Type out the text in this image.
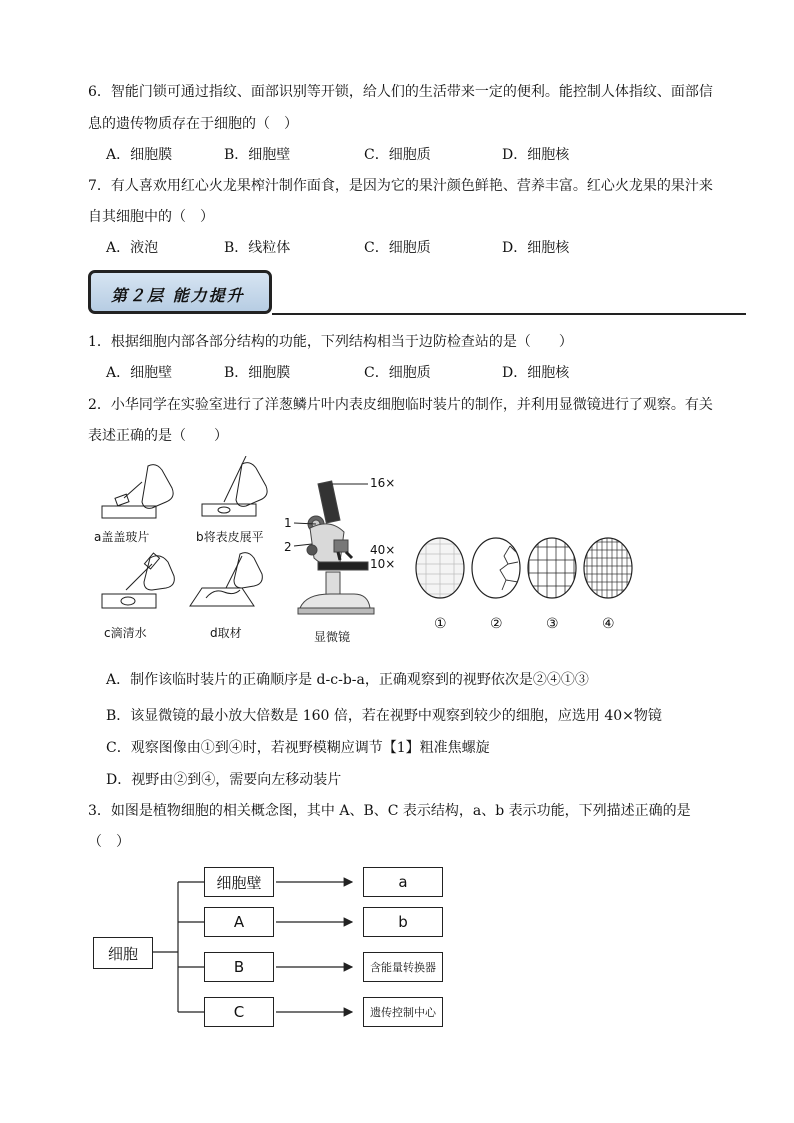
6．智能门锁可通过指纹、面部识别等开锁，给人们的生活带来一定的便利。能控制人体指纹、面部信
息的遗传物质存在于细胞的（　）
A．细胞膜	B．细胞壁	C．细胞质	D．细胞核
7．有人喜欢用红心火龙果榨汁制作面食，是因为它的果汁颜色鲜艳、营养丰富。红心火龙果的果汁来
自其细胞中的（　）
A．液泡	B．线粒体	C．细胞质	D．细胞核
第２层 能力提升
1．根据细胞内部各部分结构的功能，下列结构相当于边防检查站的是（　　）
A．细胞壁	B．细胞膜	C．细胞质	D．细胞核
2．小华同学在实验室进行了洋葱鳞片叶内表皮细胞临时装片的制作，并利用显微镜进行了观察。有关
表述正确的是（　　）
a盖盖玻片	b将表皮展平
c滴清水	d取材
16×
1
2	40×
10×
显微镜
①	②	③	④
A．制作该临时装片的正确顺序是 d-c-b-a，正确观察到的视野依次是②④①③
B．该显微镜的最小放大倍数是 160 倍，若在视野中观察到较少的细胞，应选用 40×物镜
C．观察图像由①到④时，若视野模糊应调节【1】粗准焦螺旋
D．视野由②到④，需要向左移动装片
3．如图是植物细胞的相关概念图，其中 A、B、C 表示结构，a、b 表示功能，下列描述正确的是
（　）
细胞
细胞壁
A
B
C
a
b
含能量转换器
遗传控制中心
